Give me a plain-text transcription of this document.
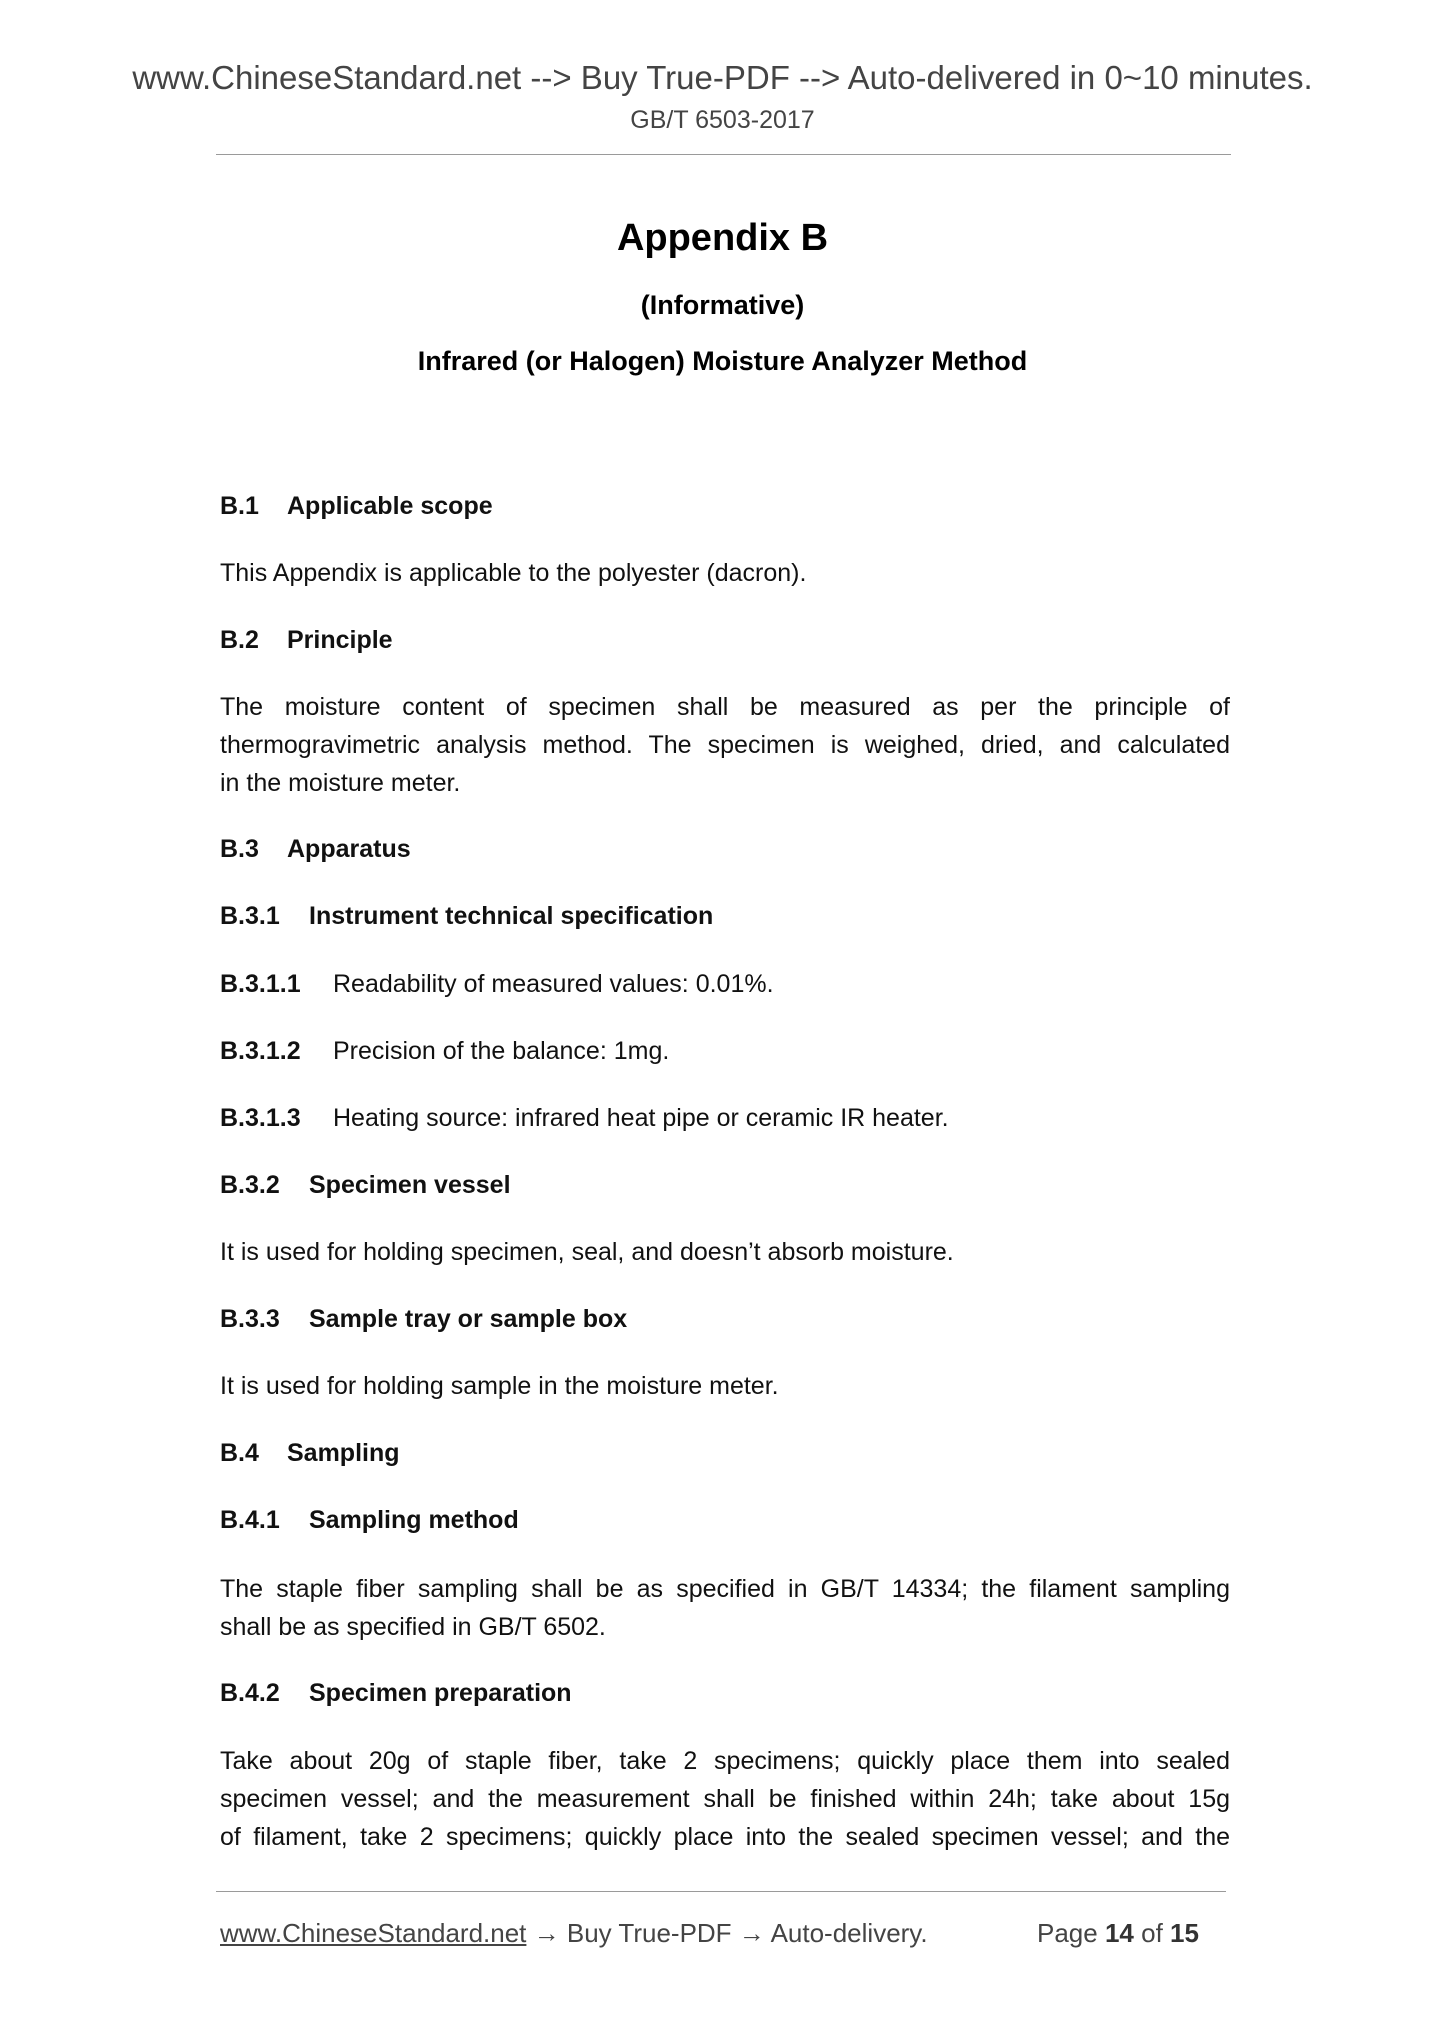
www.ChineseStandard.net --> Buy True-PDF --> Auto-delivered in 0~10 minutes.
GB/T 6503-2017
Appendix B
(Informative)
Infrared (or Halogen) Moisture Analyzer Method
B.1 Applicable scope
This Appendix is applicable to the polyester (dacron).
B.2 Principle
The moisture content of specimen shall be measured as per the principle of
thermogravimetric analysis method. The specimen is weighed, dried, and calculated
in the moisture meter.
B.3 Apparatus
B.3.1 Instrument technical specification
B.3.1.1 Readability of measured values: 0.01%.
B.3.1.2 Precision of the balance: 1mg.
B.3.1.3 Heating source: infrared heat pipe or ceramic IR heater.
B.3.2 Specimen vessel
It is used for holding specimen, seal, and doesn’t absorb moisture.
B.3.3 Sample tray or sample box
It is used for holding sample in the moisture meter.
B.4 Sampling
B.4.1 Sampling method
The staple fiber sampling shall be as specified in GB/T 14334; the filament sampling
shall be as specified in GB/T 6502.
B.4.2 Specimen preparation
Take about 20g of staple fiber, take 2 specimens; quickly place them into sealed
specimen vessel; and the measurement shall be finished within 24h; take about 15g
of filament, take 2 specimens; quickly place into the sealed specimen vessel; and the
www.ChineseStandard.net → Buy True-PDF → Auto-delivery.	Page 14 of 15
